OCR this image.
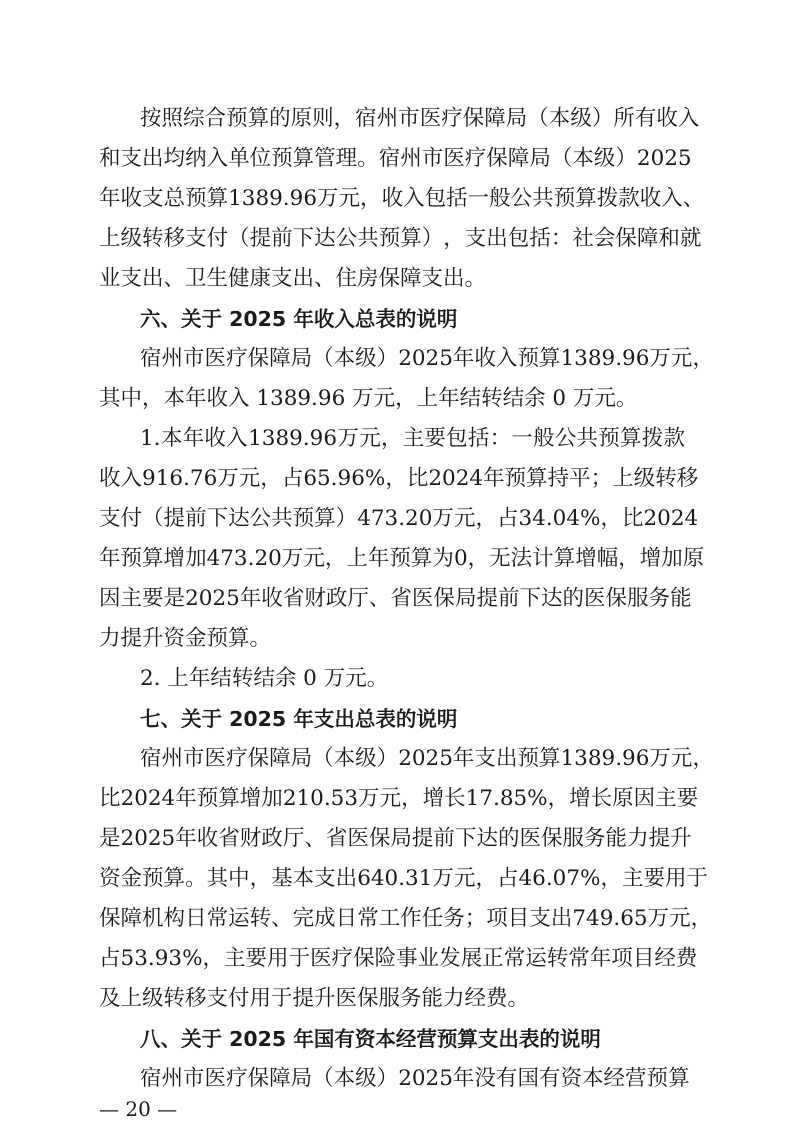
按 照 综 合 预 算 的 原 则 ， 宿 州 市 医 疗 保 障 局 （ 本 级 ） 所 有 收 入
和 支 出 均 纳 入 单 位 预 算 管 理 。 宿 州 市 医 疗 保 障 局 （ 本 级 ） 2025
年 收 支 总 预 算 1389.96 万 元 ， 收 入 包 括 一 般 公 共 预 算 拨 款 收 入 、
上 级 转 移 支 付 （ 提 前 下 达 公 共 预 算 ） ， 支 出 包 括 ： 社 会 保 障 和 就
业支出、卫生健康支出、住房保障支出。
六、关于 2025 年收入总表的说明
宿 州 市 医 疗 保 障 局 （ 本 级 ） 2025 年 收 入 预 算 1389.96 万 元 ，
其中，本年收入 1389.96 万元，上年结转结余 0 万元。
1. 本 年 收 入 1389.96 万 元 ， 主 要 包 括 ： 一 般 公 共 预 算 拨 款
收 入 916.76 万 元 ， 占 65.96% ， 比 2024 年 预 算 持 平 ； 上 级 转 移
支 付 （ 提 前 下 达 公 共 预 算 ） 473.20 万 元 ， 占 34.04% ， 比 2024
年 预 算 增 加 473.20 万 元 ， 上 年 预 算 为 0 ， 无 法 计 算 增 幅 ， 增 加 原
因 主 要 是 2025 年 收 省 财 政 厅 、 省 医 保 局 提 前 下 达 的 医 保 服 务 能
力提升资金预算。
2. 上年结转结余 0 万元。
七、关于 2025 年支出总表的说明
宿 州 市 医 疗 保 障 局 （ 本 级 ） 2025 年 支 出 预 算 1389.96 万 元 ，
比 2024 年 预 算 增 加 210.53 万 元 ， 增 长 17.85% ， 增 长 原 因 主 要
是 2025 年 收 省 财 政 厅 、 省 医 保 局 提 前 下 达 的 医 保 服 务 能 力 提 升
资 金 预 算 。 其 中 ， 基 本 支 出 640.31 万 元 ， 占 46.07% ， 主 要 用 于
保 障 机 构 日 常 运 转 、 完 成 日 常 工 作 任 务 ； 项 目 支 出 749.65 万 元 ，
占 53.93% ， 主 要 用 于 医 疗 保 险 事 业 发 展 正 常 运 转 常 年 项 目 经 费
及上级转移支付用于提升医保服务能力经费。
八、关于 2025 年国有资本经营预算支出表的说明
宿 州 市 医 疗 保 障 局 （ 本 级 ） 2025 年 没 有 国 有 资 本 经 营 预 算
— 20 —
